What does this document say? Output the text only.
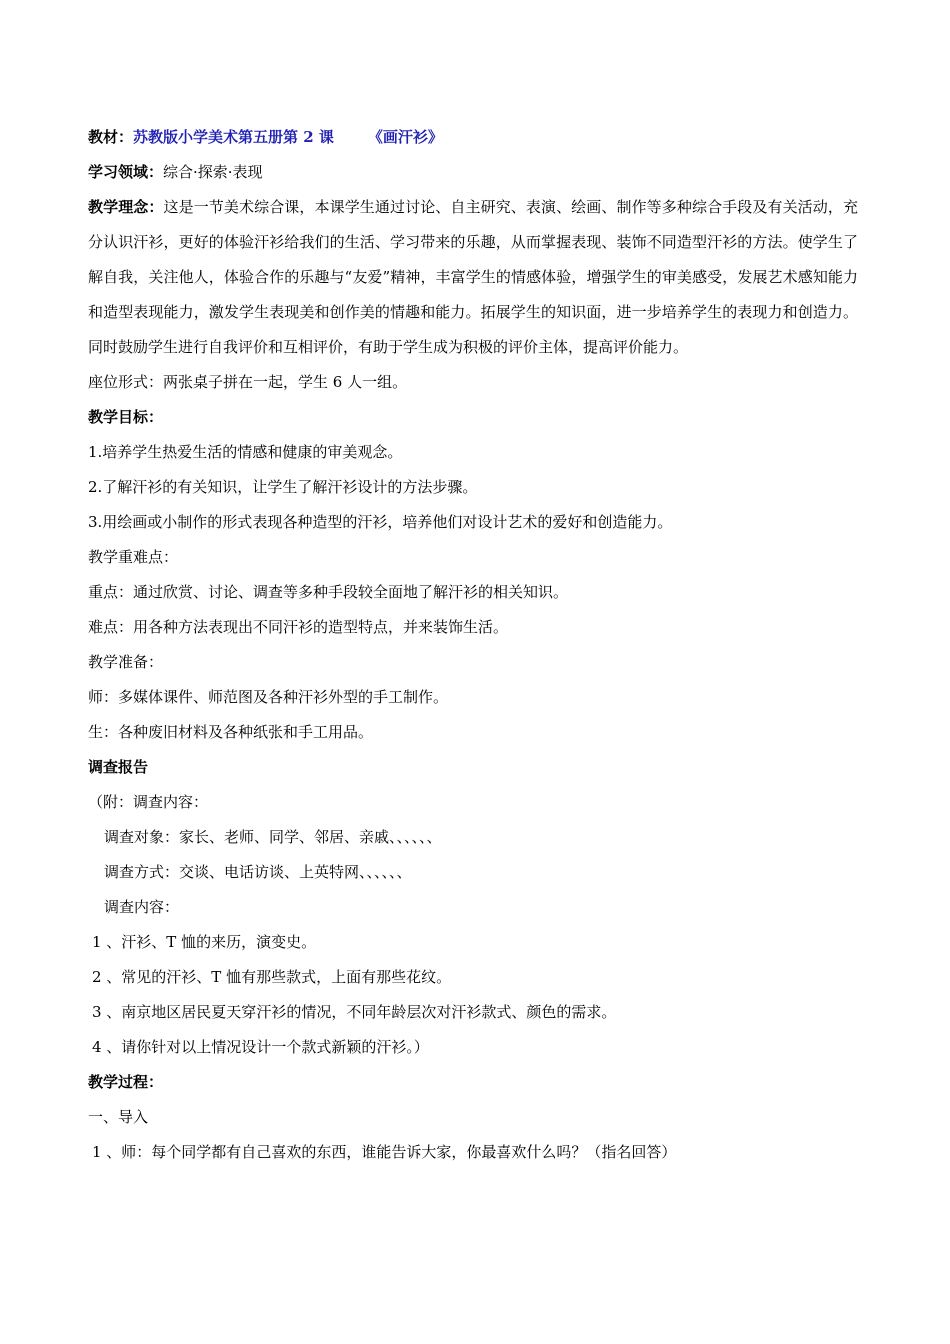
教材：苏教版小学美术第五册第 2 课 《画汗衫》
学习领域：综合·探索·表现
教学理念：这是一节美术综合课，本课学生通过讨论、自主研究、表演、绘画、制作等多种综合手段及有关活动，充分认识汗衫，更好的体验汗衫给我们的生活、学习带来的乐趣，从而掌握表现、装饰不同造型汗衫的方法。使学生了解自我，关注他人，体验合作的乐趣与“友爱”精神，丰富学生的情感体验，增强学生的审美感受，发展艺术感知能力和造型表现能力，激发学生表现美和创作美的情趣和能力。拓展学生的知识面，进一步培养学生的表现力和创造力。同时鼓励学生进行自我评价和互相评价，有助于学生成为积极的评价主体，提高评价能力。
座位形式：两张桌子拼在一起，学生 6 人一组。
教学目标：
1.培养学生热爱生活的情感和健康的审美观念。
2.了解汗衫的有关知识，让学生了解汗衫设计的方法步骤。
3.用绘画或小制作的形式表现各种造型的汗衫，培养他们对设计艺术的爱好和创造能力。
教学重难点：
重点：通过欣赏、讨论、调查等多种手段较全面地了解汗衫的相关知识。
难点：用各种方法表现出不同汗衫的造型特点，并来装饰生活。
教学准备：
师：多媒体课件、师范图及各种汗衫外型的手工制作。
生：各种废旧材料及各种纸张和手工用品。
调查报告
（附：调查内容：
调查对象：家长、老师、同学、邻居、亲戚、、、、、、
调查方式：交谈、电话访谈、上英特网、、、、、、
调查内容：
1 、汗衫、T 恤的来历，演变史。
2 、常见的汗衫、T 恤有那些款式，上面有那些花纹。
3 、南京地区居民夏天穿汗衫的情况，不同年龄层次对汗衫款式、颜色的需求。
4 、请你针对以上情况设计一个款式新颖的汗衫。）
教学过程：
一、导入
1 、师：每个同学都有自己喜欢的东西，谁能告诉大家，你最喜欢什么吗？（指名回答）
